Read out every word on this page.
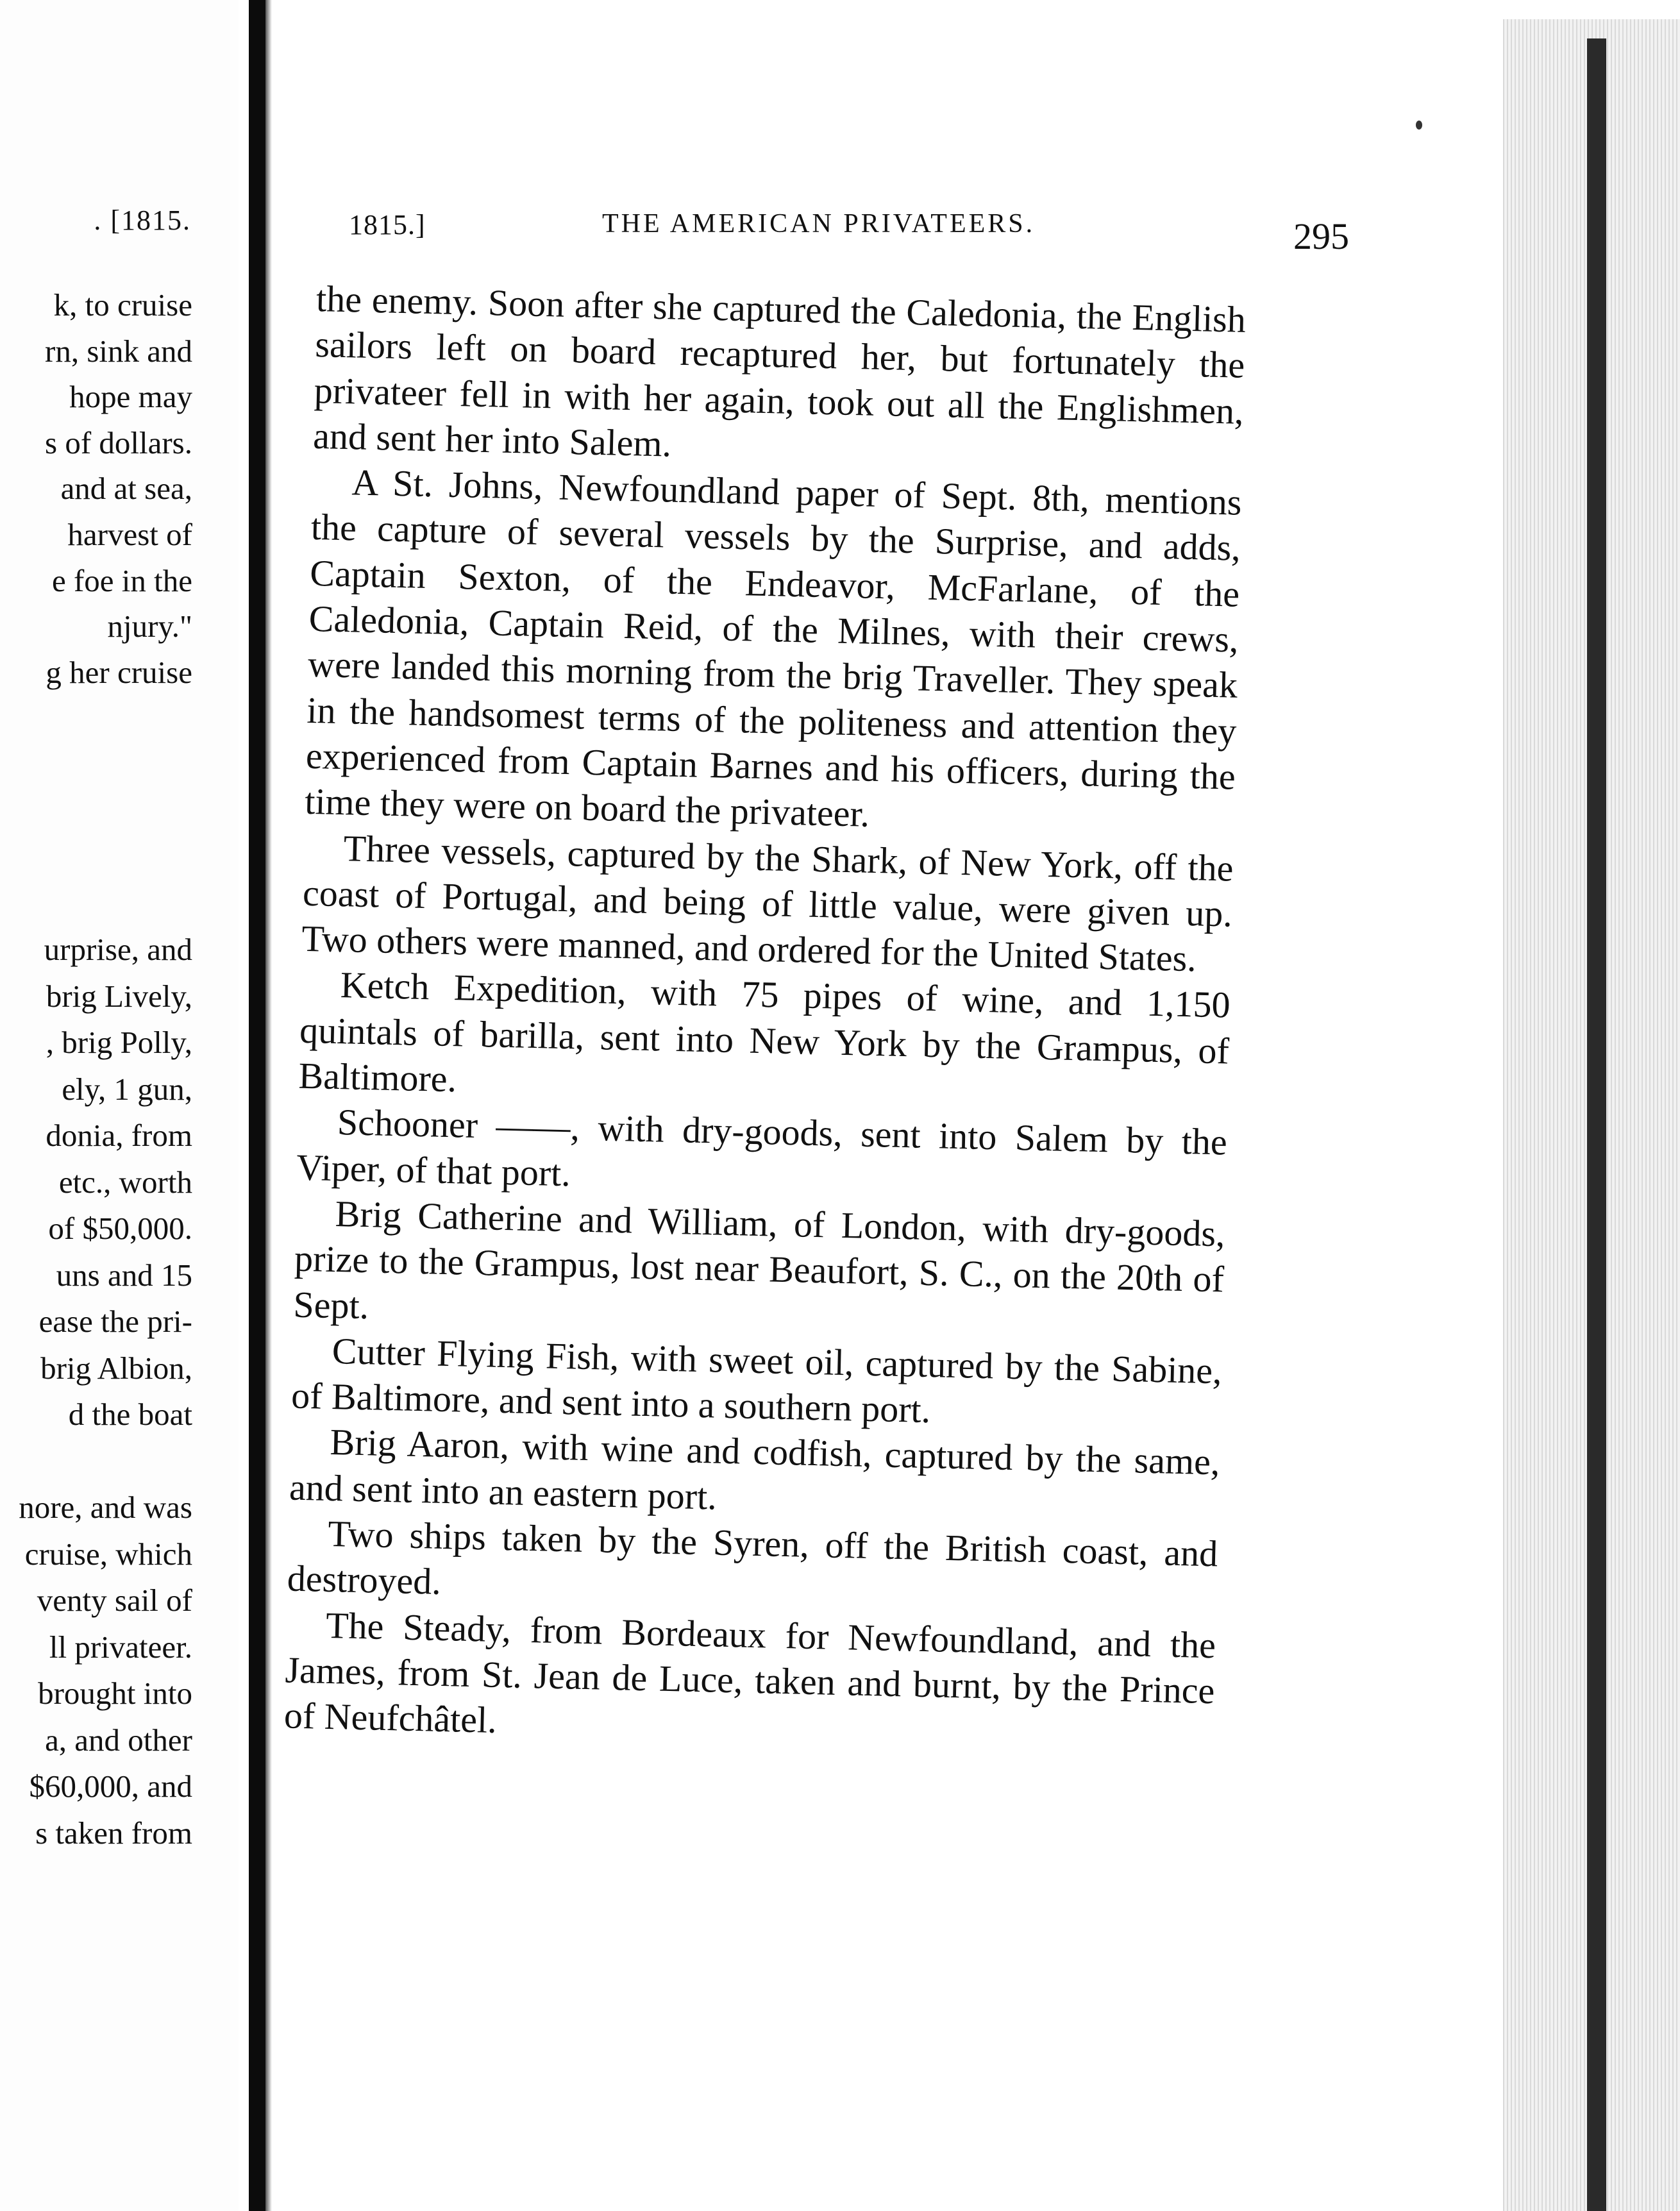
. [1815.
k, to cruise
rn, sink and
hope may
s of dollars.
and at sea,
harvest of
e foe in the
njury."
g her cruise
urprise, and
brig Lively,
, brig Polly,
ely, 1 gun,
donia, from
etc., worth
of $50,000.
uns and 15
ease the pri-
brig Albion,
d the boat
nore, and was
cruise, which
venty sail of
ll privateer.
brought into
a, and other
$60,000, and
s taken from
1815.]	THE AMERICAN PRIVATEERS.	295

the enemy. Soon after she captured the Caledonia, the English sailors left on board recaptured her, but fortunately the privateer fell in with her again, took out all the Englishmen, and sent her into Salem.

A St. Johns, Newfoundland paper of Sept. 8th, mentions the capture of several vessels by the Surprise, and adds, Captain Sexton, of the Endeavor, McFarlane, of the Caledonia, Captain Reid, of the Milnes, with their crews, were landed this morning from the brig Traveller. They speak in the handsomest terms of the politeness and attention they experienced from Captain Barnes and his officers, during the time they were on board the privateer.

Three vessels, captured by the Shark, of New York, off the coast of Portugal, and being of little value, were given up. Two others were manned, and ordered for the United States.

Ketch Expedition, with 75 pipes of wine, and 1,150 quintals of barilla, sent into New York by the Grampus, of Baltimore.

Schooner ——, with dry-goods, sent into Salem by the Viper, of that port.

Brig Catherine and William, of London, with dry-goods, prize to the Grampus, lost near Beaufort, S. C., on the 20th of Sept.

Cutter Flying Fish, with sweet oil, captured by the Sabine, of Baltimore, and sent into a southern port.

Brig Aaron, with wine and codfish, captured by the same, and sent into an eastern port.

Two ships taken by the Syren, off the British coast, and destroyed.

The Steady, from Bordeaux for Newfoundland, and the James, from St. Jean de Luce, taken and burnt, by the Prince of Neufchâtel.
